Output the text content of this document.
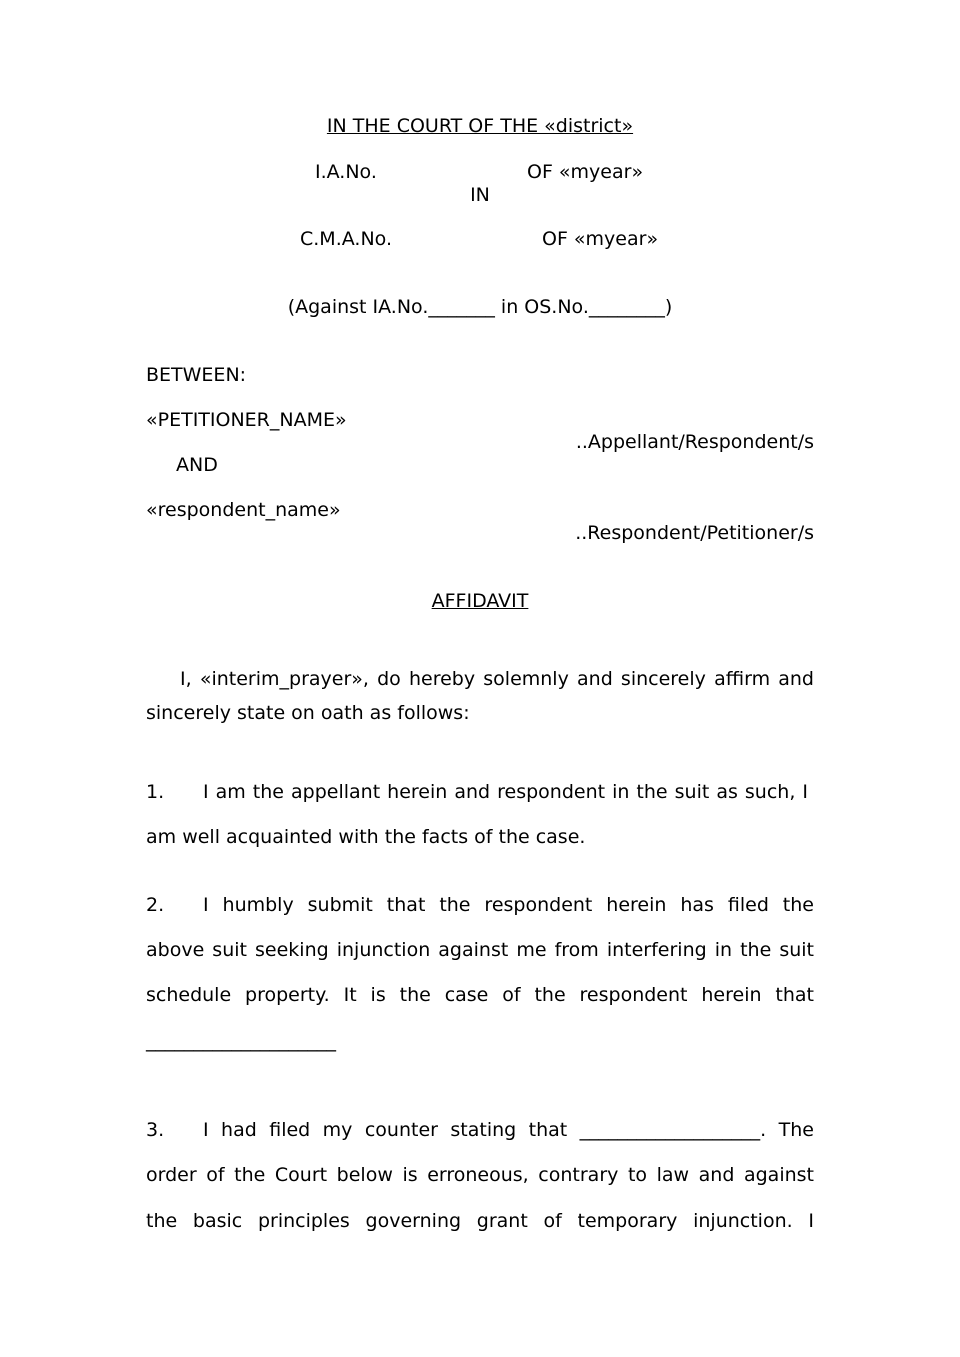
IN THE COURT OF THE «district»
I.A.No.	OF «myear»
IN
C.M.A.No.	OF «myear»
(Against IA.No._______ in OS.No.________)
BETWEEN:
«PETITIONER_NAME»
..Appellant/Respondent/s
AND
«respondent_name»
..Respondent/Petitioner/s
AFFIDAVIT
I, «interim_prayer», do hereby solemnly and sincerely affirm and
sincerely state on oath as follows:
1.	I am the appellant herein and respondent in the suit as such, I
am well acquainted with the facts of the case.
2.	I humbly submit that the respondent herein has filed the
above suit seeking injunction against me from interfering in the suit
schedule property. It is the case of the respondent herein that
____________________
3.	I had filed my counter stating that ___________________. The
order of the Court below is erroneous, contrary to law and against
the basic principles governing grant of temporary injunction. I
